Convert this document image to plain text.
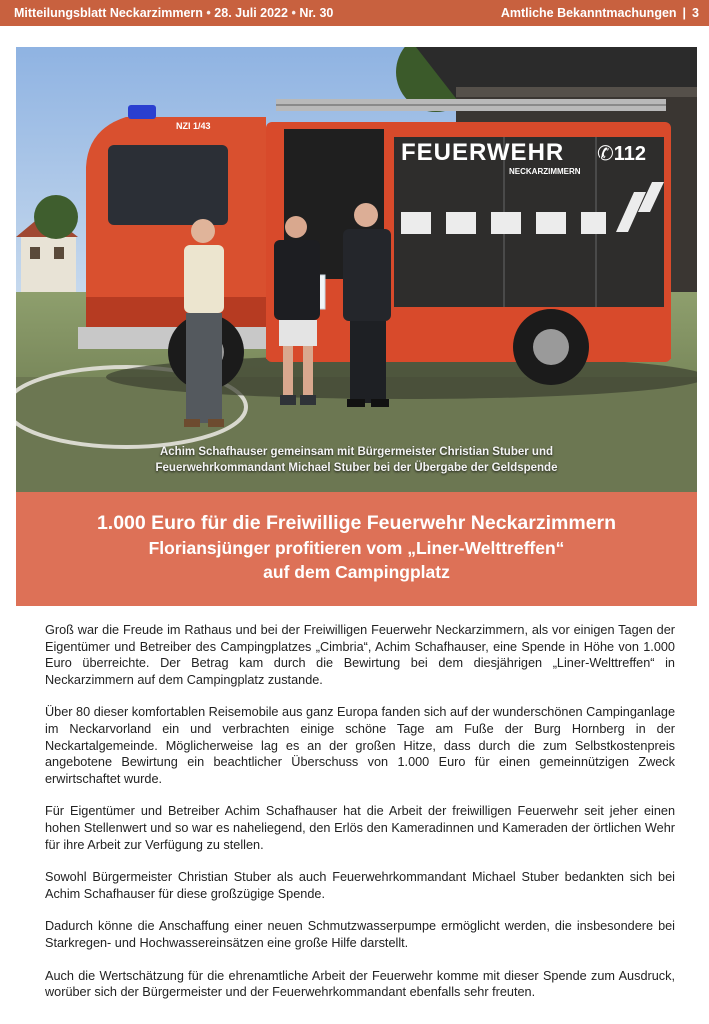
Mitteilungsblatt Neckarzimmern • 28. Juli 2022 • Nr. 30	Amtliche Bekanntmachungen | 3
FEUERWEHR
NECKARZIMMERN
✆112
NZI 1/43
Achim Schafhauser gemeinsam mit Bürgermeister Christian Stuber und
Feuerwehrkommandant Michael Stuber bei der Übergabe der Geldspende
1.000 Euro für die Freiwillige Feuerwehr Neckarzimmern
Floriansjünger profitieren vom „Liner-Welttreffen“
auf dem Campingplatz

Groß war die Freude im Rathaus und bei der Freiwilligen Feuerwehr Neckarzimmern, als vor einigen Tagen der Eigentümer und Betreiber des Campingplatzes „Cimbria“, Achim Schafhauser, eine Spende in Höhe von 1.000 Euro überreichte. Der Betrag kam durch die Bewirtung bei dem diesjährigen „Liner-Welttreffen“ in Neckarzimmern auf dem Campingplatz zustande.

Über 80 dieser komfortablen Reisemobile aus ganz Europa fanden sich auf der wunderschönen Campinganlage im Neckarvorland ein und verbrachten einige schöne Tage am Fuße der Burg Hornberg in der Neckartalgemeinde. Möglicherweise lag es an der großen Hitze, dass durch die zum Selbstkostenpreis angebotene Bewirtung ein beachtlicher Überschuss von 1.000 Euro für einen gemeinnützigen Zweck erwirtschaftet wurde.

Für Eigentümer und Betreiber Achim Schafhauser hat die Arbeit der freiwilligen Feuerwehr seit jeher einen hohen Stellenwert und so war es naheliegend, den Erlös den Kameradinnen und Kameraden der örtlichen Wehr für ihre Arbeit zur Verfügung zu stellen.

Sowohl Bürgermeister Christian Stuber als auch Feuerwehrkommandant Michael Stuber bedankten sich bei Achim Schafhauser für diese großzügige Spende.

Dadurch könne die Anschaffung einer neuen Schmutzwasserpumpe ermöglicht werden, die insbesondere bei Starkregen- und Hochwassereinsätzen eine große Hilfe darstellt.

Auch die Wertschätzung für die ehrenamtliche Arbeit der Feuerwehr komme mit dieser Spende zum Ausdruck, worüber sich der Bürgermeister und der Feuerwehrkommandant ebenfalls sehr freuten.
